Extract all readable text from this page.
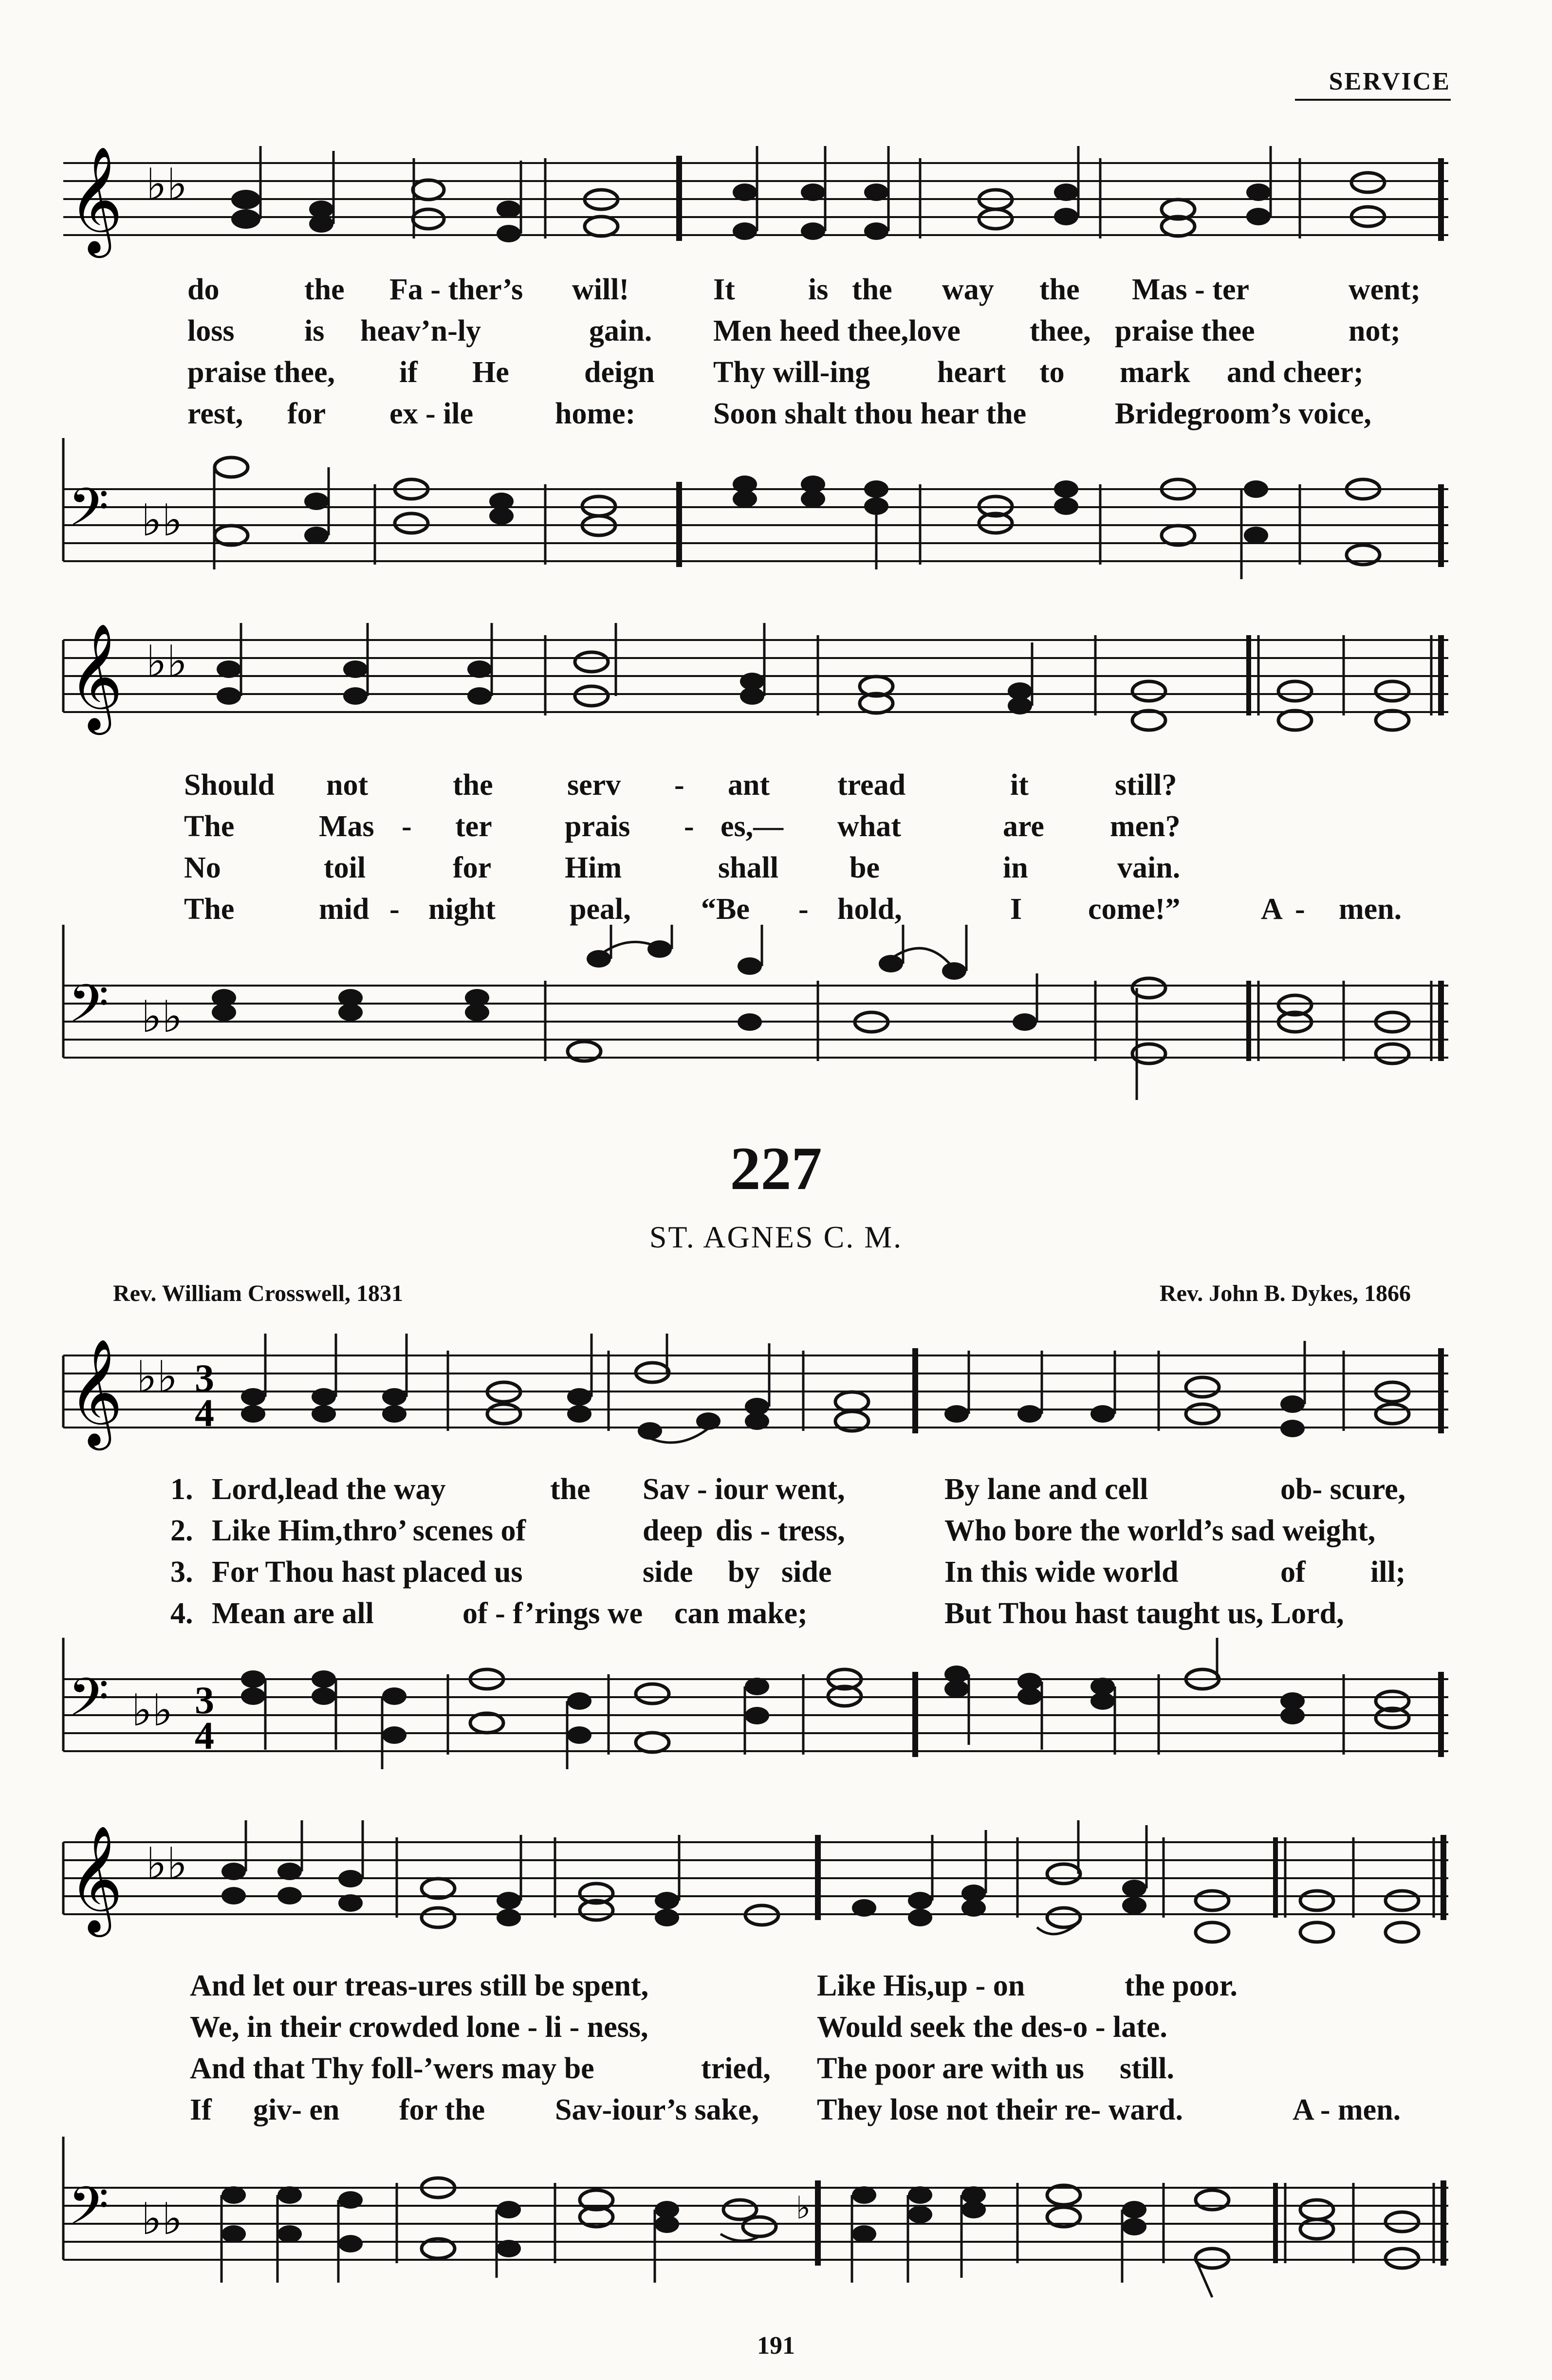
SERVICE
𝄞 ♭♭
do	the Fa - ther’s will!	It is the way the Mas - ter	went;
loss is heav’n-ly	gain. Men heed thee,love thee, praise thee	not;
praise thee, if He deign Thy will-ing heart to mark and cheer;
rest, for ex - ile	home:	Soon shalt thou hear the	Bridegroom’s voice,
𝄢 ♭♭
𝄞 ♭♭
Should not	the serv - ant tread	it	still?
The	Mas - ter prais - es,— what	are men?
No	toil	for Him	shall be	in	vain.
The	mid - night peal, “Be - hold,	I come!”	A - men.
𝄢 ♭♭
227
ST. AGNES C. M.
Rev. William Crosswell, 1831	Rev. John B. Dykes, 1866
𝄞 ♭♭ 3
4
1. Lord,lead the way	the Sav - iour went,	By lane and cell	ob- scure,
2. Like Him,thro’ scenes of	deep dis - tress,	Who bore the world’s sad weight,
3. For Thou hast placed us	side by side	In this wide world	of ill;
4. Mean are all	of - f’rings we can make;	But Thou hast taught us, Lord,
𝄢 ♭♭ 3
4
𝄞 ♭♭
And let our treas-ures still be spent,	Like His,up - on	the poor.
We, in their crowded lone - li - ness,	Would seek the des-o - late.
And that Thy foll-’wers may be	tried, The poor are with us still.
If giv- en for the Sav-iour’s sake, They lose not their re- ward.	A - men.
𝄢 ♭♭	♭
191
